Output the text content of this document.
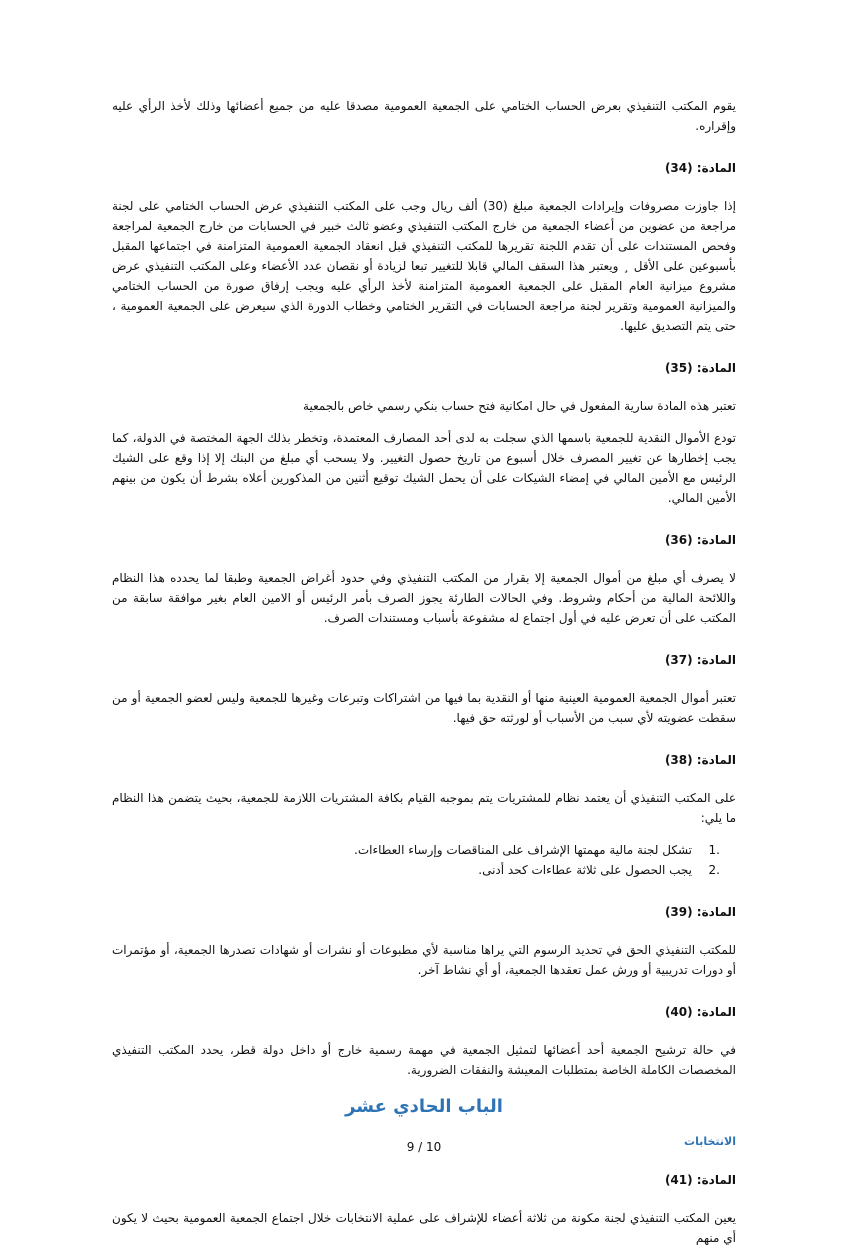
يقوم المكتب التنفيذي بعرض الحساب الختامي على الجمعية العمومية مصدقا عليه من جميع أعضائها وذلك لأخذ الرأي عليه وإقراره.

المادة: (34)

إذا جاوزت مصروفات وإيرادات الجمعية مبلغ (30) ألف ريال وجب على المكتب التنفيذي عرض الحساب الختامي على لجنة مراجعة من عضوين من أعضاء الجمعية من خارج المكتب التنفيذي وعضو ثالث خبير في الحسابات من خارج الجمعية لمراجعة وفحص المستندات على أن تقدم اللجنة تقريرها للمكتب التنفيذي قبل انعقاد الجمعية العمومية المتزامنة في اجتماعها المقبل بأسبوعين على الأقل ¸ ويعتبر هذا السقف المالي قابلا للتغيير تبعا لزيادة أو نقصان عدد الأعضاء وعلى المكتب التنفيذي عرض مشروع ميزانية العام المقبل على الجمعية العمومية المتزامنة لأخذ الرأي عليه ويجب إرفاق صورة من الحساب الختامي والميزانية العمومية وتقرير لجنة مراجعة الحسابات في التقرير الختامي وخطاب الدورة الذي سيعرض على الجمعية العمومية ، حتى يتم التصديق عليها.

المادة: (35)

تعتبر هذه المادة سارية المفعول في حال امكانية فتح حساب بنكي رسمي خاص بالجمعية

تودع الأموال النقدية للجمعية باسمها الذي سجلت به لدى أحد المصارف المعتمدة، وتخطر بذلك الجهة المختصة في الدولة، كما يجب إخطارها عن تغيير المصرف خلال أسبوع من تاريخ حصول التغيير. ولا يسحب أي مبلغ من البنك إلا إذا وقع على الشيك الرئيس مع الأمين المالي في إمضاء الشيكات على أن يحمل الشيك توقيع أثنين من المذكورين أعلاه بشرط أن يكون من بينهم الأمين المالي.

المادة: (36)

لا يصرف أي مبلغ من أموال الجمعية إلا بقرار من المكتب التنفيذي وفي حدود أغراض الجمعية وطبقا لما يحدده هذا النظام واللائحة المالية من أحكام وشروط. وفي الحالات الطارئة يجوز الصرف بأمر الرئيس أو الامين العام بغير موافقة سابقة من المكتب على أن تعرض عليه في أول اجتماع له مشفوعة بأسباب ومستندات الصرف.

المادة: (37)

تعتبر أموال الجمعية العمومية العينية منها أو النقدية بما فيها من اشتراكات وتبرعات وغيرها للجمعية وليس لعضو الجمعية أو من سقطت عضويته لأي سبب من الأسباب أو لورثته حق فيها.

المادة: (38)

على المكتب التنفيذي أن يعتمد نظام للمشتريات يتم بموجبه القيام بكافة المشتريات اللازمة للجمعية، بحيث يتضمن هذا النظام ما يلي:

1.
تشكل لجنة مالية مهمتها الإشراف على المناقصات وإرساء العطاءات.
2.
يجب الحصول على ثلاثة عطاءات كحد أدنى.

المادة: (39)

للمكتب التنفيذي الحق في تحديد الرسوم التي يراها مناسبة لأي مطبوعات أو نشرات أو شهادات تصدرها الجمعية، أو مؤتمرات أو دورات تدريبية أو ورش عمل تعقدها الجمعية، أو أي نشاط آخر.

المادة: (40)

في حالة ترشيح الجمعية أحد أعضائها لتمثيل الجمعية في مهمة رسمية خارج أو داخل دولة قطر، يحدد المكتب التنفيذي المخصصات الكاملة الخاصة بمتطلبات المعيشة والنفقات الضرورية.

الباب الحادي عشر

الانتخابات

المادة: (41)

يعين المكتب التنفيذي لجنة مكونة من ثلاثة أعضاء للإشراف على عملية الانتخابات خلال اجتماع الجمعية العمومية بحيث لا يكون أي منهم

9 / 10
